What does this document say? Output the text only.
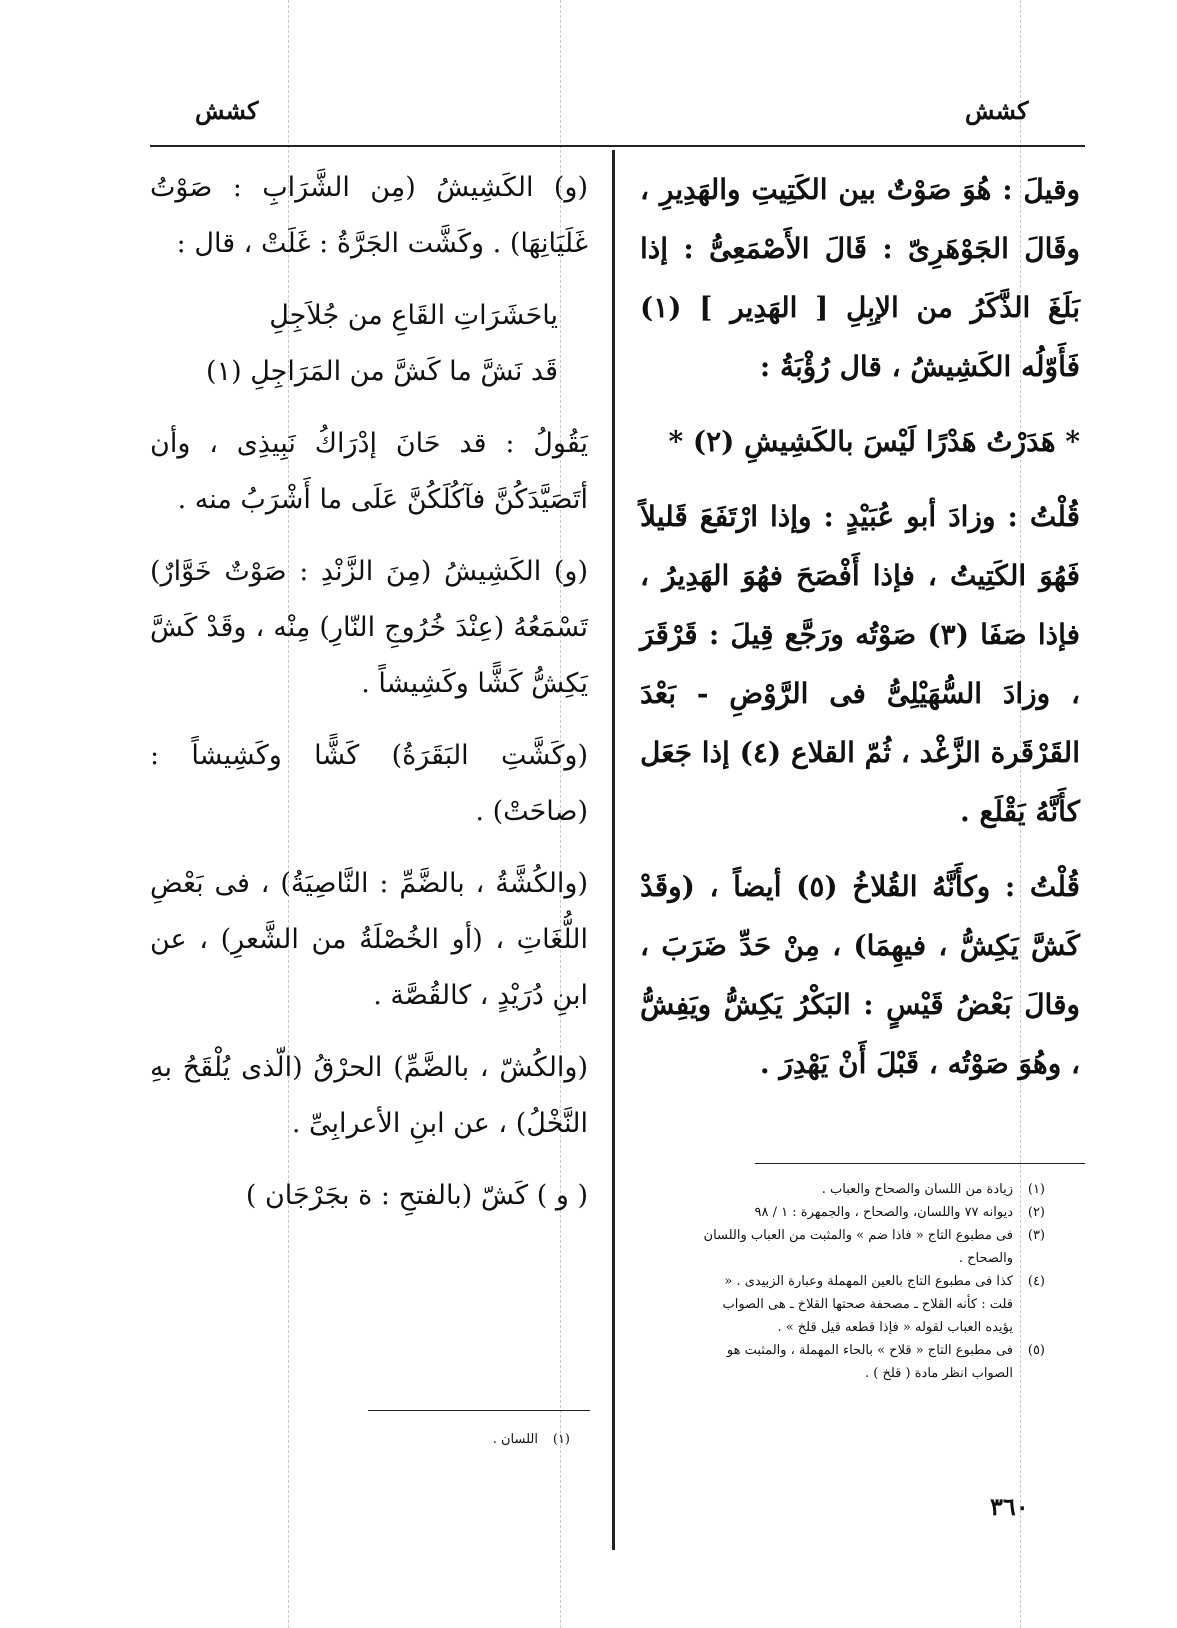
كشش	كشش

وقيلَ : هُوَ صَوْتٌ بين الكَتِيتِ والهَدِيرِ ، وقَالَ الجَوْهَرِىّ : قَالَ الأَصْمَعِىُّ : إذا بَلَغَ الذَّكَرُ من الإبِلِ [ الهَدِير ] (١) فَأَوّلُه الكَشِيشُ ، قال رُؤْبَةُ :

* هَدَرْتُ هَدْرًا لَيْسَ بالكَشِيشِ (٢) *

قُلْتُ : وزادَ أبو عُبَيْدٍ : وإذا ارْتَفَعَ قَليلاً فَهُوَ الكَتِيتُ ، فإذا أَفْصَحَ فهُوَ الهَدِيرُ ، فإذا صَفَا (٣) صَوْتُه ورَجَّع قِيلَ : قَرْقَرَ ، وزادَ السُّهَيْلِىُّ فى الرَّوْضِ - بَعْدَ القَرْقَرة الزَّغْد ، ثُمّ القلاع (٤) إذا جَعَل كأَنَّهُ يَقْلَع .

قُلْتُ : وكأَنَّهُ القُلاخُ (٥) أيضاً ، (وقَدْ كَشَّ يَكِشُّ ، فيهِمَا) ، مِنْ حَدِّ ضَرَبَ ، وقالَ بَعْضُ قَيْسٍ : البَكْرُ يَكِشُّ ويَفِشُّ ، وهُوَ صَوْتُه ، قَبْلَ أَنْ يَهْدِرَ .

(و) الكَشِيشُ (مِن الشَّرَابِ : صَوْتُ غَلَيَانِهَا) . وكَشَّت الجَرَّةُ : غَلَتْ ، قال :

ياحَشَرَاتِ القَاعِ من جُلاَجِلِ

قَد نَشَّ ما كَشَّ من المَرَاجِلِ (١)

يَقُولُ : قد حَانَ إدْرَاكُ نَبِيذِى ، وأن أتَصَيَّدَكُنَّ فآكُلَكُنَّ عَلَى ما أَشْرَبُ منه .

(و) الكَشِيشُ (مِنَ الزَّنْدِ : صَوْتٌ خَوَّارٌ) تَسْمَعُهُ (عِنْدَ خُرُوجِ النّارِ) مِنْه ، وقَدْ كَشَّ يَكِشُّ كَشًّا وكَشِيشاً .

(وكَشَّتِ البَقَرَةُ) كَشًّا وكَشِيشاً : (صاحَتْ) .

(والكُشَّةُ ، بالضَّمِّ : النَّاصِيَةُ) ، فى بَعْضِ اللُّغَاتِ ، (أو الخُصْلَةُ من الشَّعرِ) ، عن ابنِ دُرَيْدٍ ، كالقُصَّة .

(والكُشّ ، بالضَّمِّ) الحرْقُ (الّذى يُلْقَحُ بهِ النَّخْلُ) ، عن ابنِ الأعرابِىِّ .

( و ) كَشّ (بالفتحِ : ة بجَرْجَان )	(١)
زيادة من اللسان والصحاح والعباب .
(٢)
ديوانه ٧٧ واللسان، والصحاح ، والجمهرة : ١ / ٩٨
(٣)
فى مطبوع التاج « فاذا ضم » والمثبت من العباب واللسان والصحاح .
(٤)
كذا فى مطبوع التاج بالعين المهملة وعبارة الزبيدى . « قلت : كأنه القلاح ـ مصحفة صحتها القلاخ ـ هى الصواب يؤيده العباب لقوله « فإذا قطعه قيل قلخ » .
(٥)
فى مطبوع التاج « قلاح » بالحاء المهملة ، والمثبت هو الصواب انظر مادة ( قلخ ) .
(١)
اللسان .
٣٦٠
